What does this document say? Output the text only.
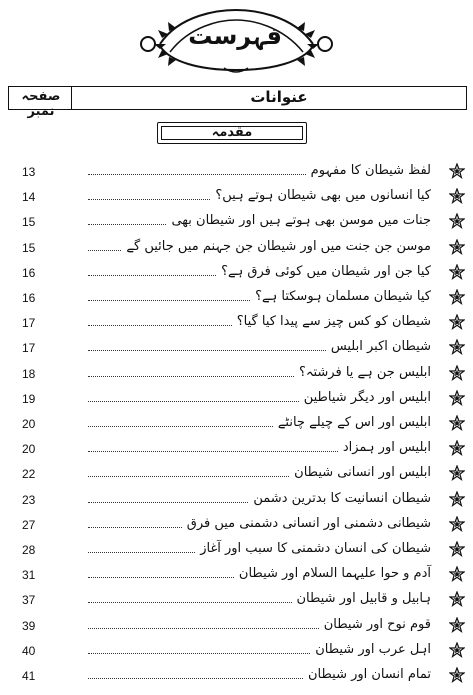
فہرست
صفحہ نمبر
عنوانات
مقدمہ
13	لفظ شیطان کا مفہوم
14	کیا انسانوں میں بھی شیطان ہوتے ہیں؟
15	جنات میں موسن بھی ہوتے ہیں اور شیطان بھی
15	موسن جن جنت میں اور شیطان جن جہنم میں جائیں گے
16	کیا جن اور شیطان میں کوئی فرق ہے؟
16	کیا شیطان مسلمان ہوسکتا ہے؟
17	شیطان کو کس چیز سے پیدا کیا گیا؟
17	شیطان اکبر ابلیس
18	ابلیس جن ہے یا فرشتہ؟
19	ابلیس اور دیگر شیاطین
20	ابلیس اور اس کے چیلے چانٹے
20	ابلیس اور ہمزاد
22	ابلیس اور انسانی شیطان
23	شیطان انسانیت کا بدترین دشمن
27	شیطانی دشمنی اور انسانی دشمنی میں فرق
28	شیطان کی انسان دشمنی کا سبب اور آغاز
31	آدم و حوا علیہما السلام اور شیطان
37	ہابیل و قابیل اور شیطان
39	قوم نوح اور شیطان
40	اہل عرب اور شیطان
41	تمام انسان اور شیطان
